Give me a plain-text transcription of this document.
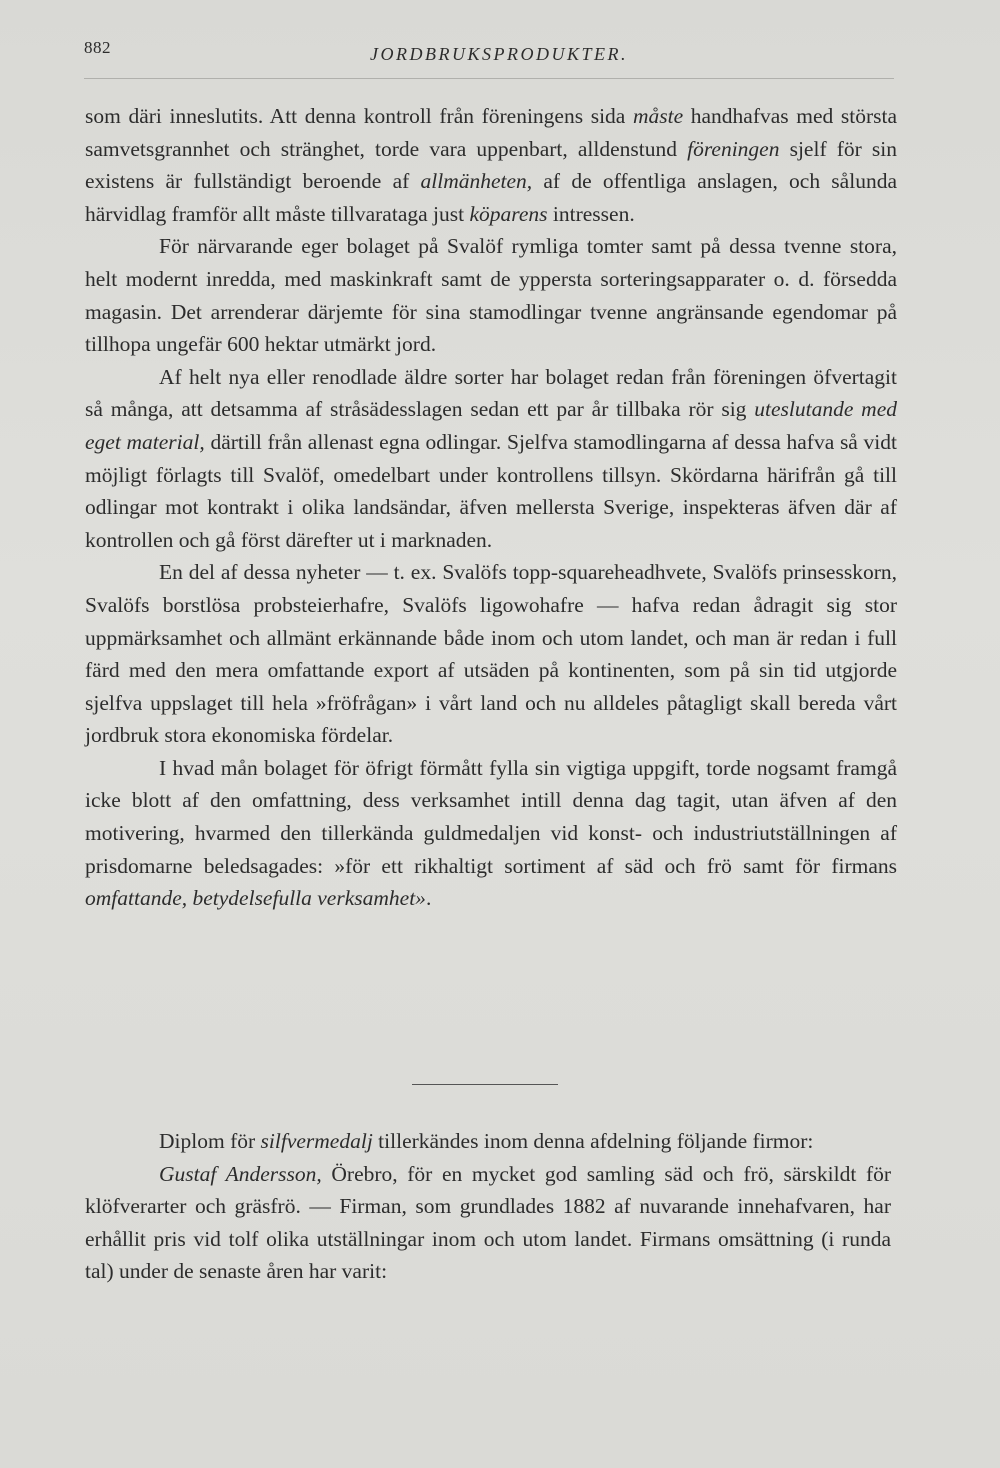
882	JORDBRUKSPRODUKTER.

som däri inneslutits. Att denna kontroll från föreningens sida måste handhafvas med största samvetsgrannhet och stränghet, torde vara uppenbart, alldenstund föreningen sjelf för sin existens är fullständigt beroende af allmänheten, af de offentliga anslagen, och sålunda härvidlag framför allt måste tillvaratagа just köparens intressen.

För närvarande eger bolaget på Svalöf rymliga tomter samt på dessa tvenne stora, helt modernt inredda, med maskinkraft samt de yppersta sorteringsapparater o. d. försedda magasin. Det arrenderar därjemte för sina stamodlingar tvenne angränsande egendomar på tillhopa ungefär 600 hektar utmärkt jord.

Af helt nya eller renodlade äldre sorter har bolaget redan från föreningen öfvertagit så många, att detsamma af stråsädesslagen sedan ett par år tillbaka rör sig uteslutande med eget material, därtill från allenast egna odlingar. Sjelfva stamodlingarna af dessa hafva så vidt möjligt förlagts till Svalöf, omedelbart under kontrollens tillsyn. Skördarna härifrån gå till odlingar mot kontrakt i olika landsändar, äfven mellersta Sverige, inspekteras äfven där af kontrollen och gå först därefter ut i marknaden.

En del af dessa nyheter — t. ex. Svalöfs topp-squareheadhvete, Svalöfs prinsesskorn, Svalöfs borstlösa probsteierhafre, Svalöfs ligowohafre — hafva redan ådragit sig stor uppmärksamhet och allmänt erkännande både inom och utom landet, och man är redan i full färd med den mera omfattande export af utsäden på kontinenten, som på sin tid utgjorde sjelfva uppslaget till hela »fröfrågan» i vårt land och nu alldeles påtagligt skall bereda vårt jordbruk stora ekonomiska fördelar.

I hvad mån bolaget för öfrigt förmått fylla sin vigtiga uppgift, torde nogsamt framgå icke blott af den omfattning, dess verksamhet intill denna dag tagit, utan äfven af den motivering, hvarmed den tillerkända guldmedaljen vid konst- och industriutställningen af prisdomarne beledsagades: »för ett rikhaltigt sortiment af säd och frö samt för firmans omfattande, betydelsefulla verksamhet».

Diplom för silfvermedalj tillerkändes inom denna afdelning följande firmor:

Gustaf Andersson, Örebro, för en mycket god samling säd och frö, särskildt för klöfverarter och gräsfrö. — Firman, som grundlades 1882 af nuvarande innehafvaren, har erhållit pris vid tolf olika utställningar inom och utom landet. Firmans omsättning (i runda tal) under de senaste åren har varit:
